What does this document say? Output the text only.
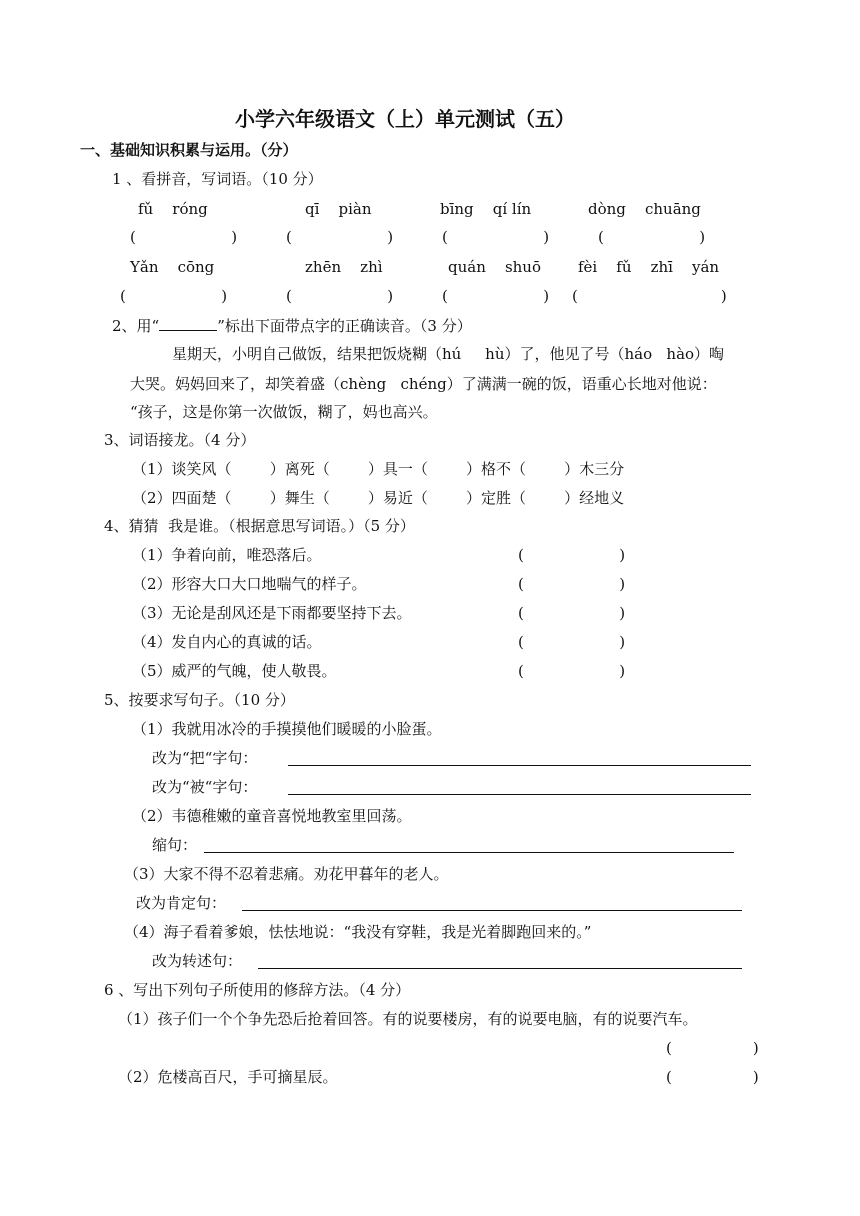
小学六年级语文（上）单元测试（五）
一、基础知识积累与运用。（分）
1 、看拼音，写词语。（10 分）
fǔ    róng	qī    piàn	bīng    qí lín	dòng    chuāng
(                    )	(                    )	(                    )	(                    )
Yǎn    cōng	zhēn    zhì	quán    shuō fèi    fǔ    zhī    yán
(                    )	(                    )	(                    ) (                              )
2、用“	”标出下面带点字的正确读音。（3 分）
星期天，小明自己做饭，结果把饭烧糊（hú     hù）了，他见了号（háo   hào）啕
大哭。妈妈回来了，却笑着盛（chèng   chéng）了满满一碗的饭，语重心长地对他说：
“孩子，这是你第一次做饭，糊了，妈也高兴。
3、词语接龙。（4 分）
（1）谈笑风（        ）离死（        ）具一（        ）格不（        ）木三分
（2）四面楚（        ）舞生（        ）易近（        ）定胜（        ）经地义
4、猜猜  我是谁。（根据意思写词语。）（5 分）
（1）争着向前，唯恐落后。	(                    )
（2）形容大口大口地喘气的样子。	(                    )
（3）无论是刮风还是下雨都要坚持下去。	(                    )
（4）发自内心的真诚的话。	(                    )
（5）威严的气魄，使人敬畏。	(                    )
5、按要求写句子。（10 分）
（1）我就用冰冷的手摸摸他们暖暖的小脸蛋。
改为“把“字句：
改为“被“字句：
（2）韦德稚嫩的童音喜悦地教室里回荡。
缩句：
（3）大家不得不忍着悲痛。劝花甲暮年的老人。
改为肯定句：
（4）海子看着爹娘，怯怯地说：“我没有穿鞋，我是光着脚跑回来的。”
改为转述句：
6 、写出下列句子所使用的修辞方法。（4 分）
（1）孩子们一个个争先恐后抢着回答。有的说要楼房，有的说要电脑，有的说要汽车。
(                 )
（2）危楼高百尺，手可摘星辰。	(                 )
